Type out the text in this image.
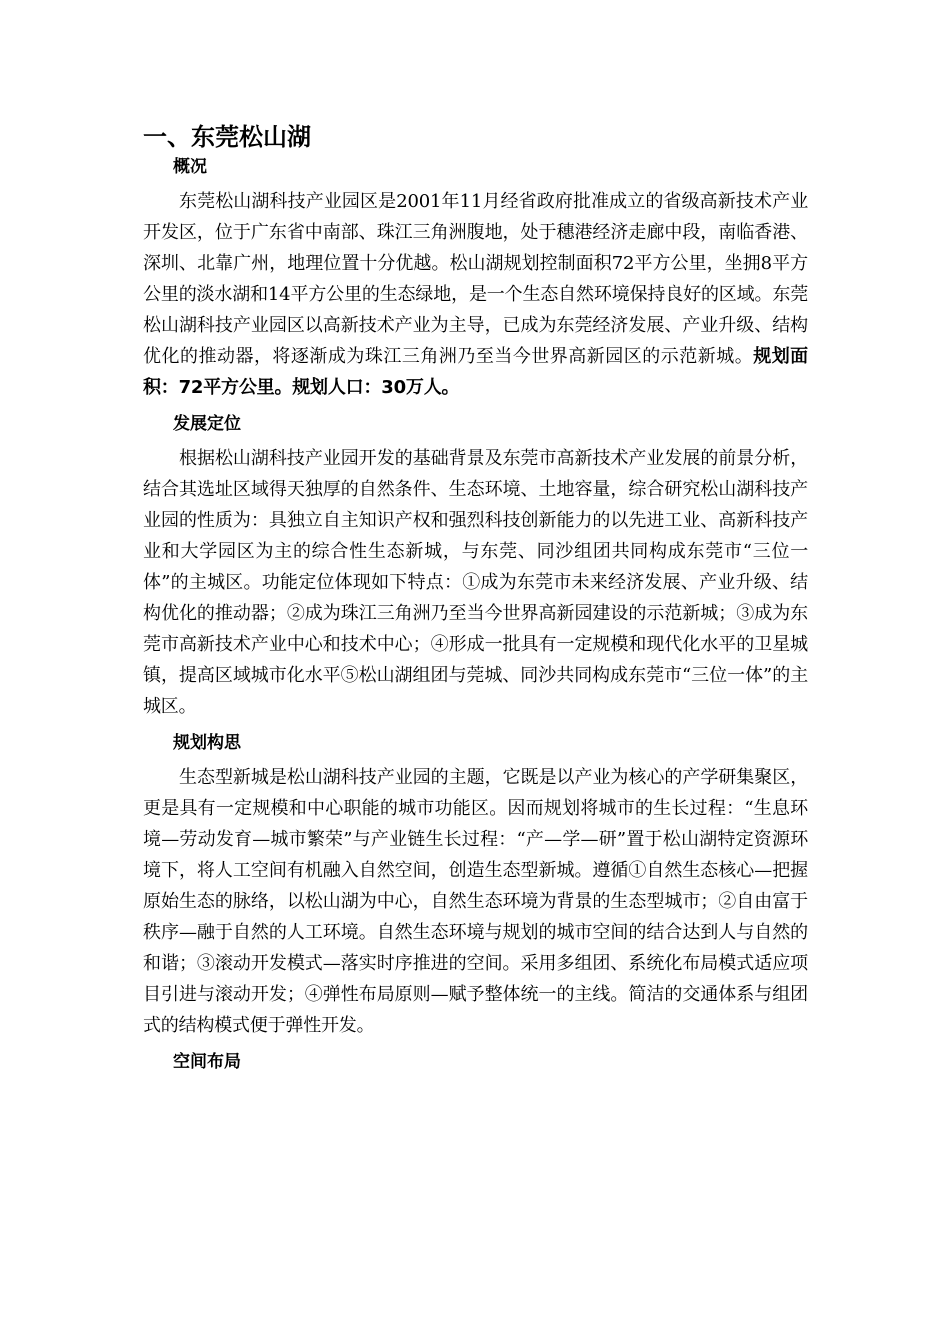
一、东莞松山湖
概况

东莞松山湖科技产业园区是2001年11月经省政府批准成立的省级高新技术产业开发区，位于广东省中南部、珠江三角洲腹地，处于穗港经济走廊中段，南临香港、深圳、北靠广州，地理位置十分优越。松山湖规划控制面积72平方公里，坐拥8平方公里的淡水湖和14平方公里的生态绿地，是一个生态自然环境保持良好的区域。东莞松山湖科技产业园区以高新技术产业为主导，已成为东莞经济发展、产业升级、结构优化的推动器，将逐渐成为珠江三角洲乃至当今世界高新园区的示范新城。规划面积：72平方公里。规划人口：30万人。

发展定位

根据松山湖科技产业园开发的基础背景及东莞市高新技术产业发展的前景分析，结合其选址区域得天独厚的自然条件、生态环境、土地容量，综合研究松山湖科技产业园的性质为：具独立自主知识产权和强烈科技创新能力的以先进工业、高新科技产业和大学园区为主的综合性生态新城，与东莞、同沙组团共同构成东莞市“三位一体”的主城区。功能定位体现如下特点：①成为东莞市未来经济发展、产业升级、结构优化的推动器；②成为珠江三角洲乃至当今世界高新园建设的示范新城；③成为东莞市高新技术产业中心和技术中心；④形成一批具有一定规模和现代化水平的卫星城镇，提高区域城市化水平⑤松山湖组团与莞城、同沙共同构成东莞市“三位一体”的主城区。

规划构思

生态型新城是松山湖科技产业园的主题，它既是以产业为核心的产学研集聚区，更是具有一定规模和中心职能的城市功能区。因而规划将城市的生长过程：“生息环境—劳动发育—城市繁荣”与产业链生长过程：“产—学—研”置于松山湖特定资源环境下，将人工空间有机融入自然空间，创造生态型新城。遵循①自然生态核心—把握原始生态的脉络，以松山湖为中心，自然生态环境为背景的生态型城市；②自由富于秩序—融于自然的人工环境。自然生态环境与规划的城市空间的结合达到人与自然的和谐；③滚动开发模式—落实时序推进的空间。采用多组团、系统化布局模式适应项目引进与滚动开发；④弹性布局原则—赋予整体统一的主线。简洁的交通体系与组团式的结构模式便于弹性开发。

空间布局
